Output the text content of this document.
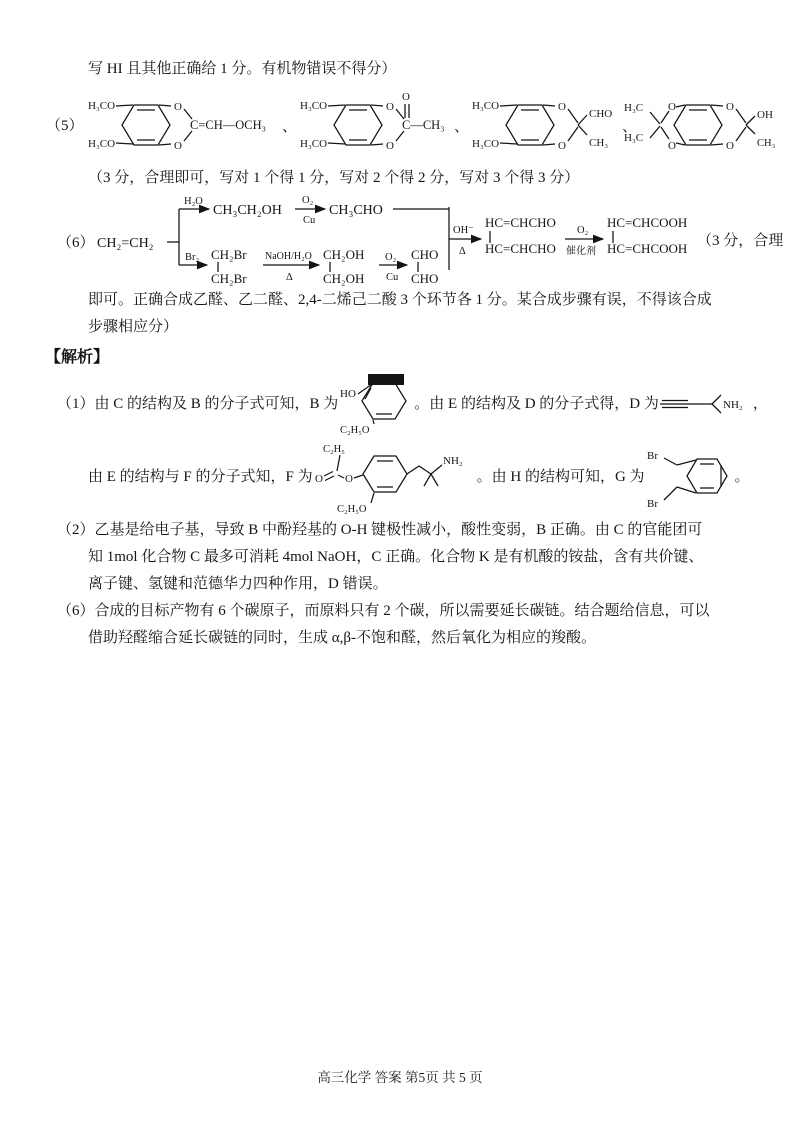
写 HI 且其他正确给 1 分。有机物错误不得分）
（5）
H₃CO
H₃CO
O
O
C=CH—OCH₃ 、
H₃CO
H₃CO
O
O
O
C—CH₃ 、
H₃CO
H₃CO
O
O
CHO
CH₃
、
H₃C
H₃C
O
O
O
O
OH
CH₃
（3 分，合理即可，写对 1 个得 1 分，写对 2 个得 2 分，写对 3 个得 3 分）
（6） CH₂=CH₂
H₂O
CH₃CH₂OH
O₂
Cu
CH₃CHO
Br₂ CH₂Br
CH₂Br
NaOH/H₂O
Δ
CH₂OH
CH₂OH
O₂
Cu
CHO
CHO
OH⁻
Δ
HC=CHCHO
HC=CHCHO
O₂
催化剂
HC=CHCOOH
HC=CHCOOH （3 分，合理
即可。正确合成乙醛、乙二醛、2,4-二烯己二酸 3 个环节各 1 分。某合成步骤有误，不得该合成
步骤相应分）
【解析】
（1）由 C 的结构及 B 的分子式可知，B 为
HO
C₂H₅O
。由 E 的结构及 D 的分子式得，D 为	NH₂ ，
由 E 的结构与 F 的分子式知，F 为
C₂H₅
O O
C₂H₅O
NH₂
。由 H 的结构可知，G 为
Br
Br
。
（2）乙基是给电子基，导致 B 中酚羟基的 O-H 键极性减小，酸性变弱，B 正确。由 C 的官能团可
知 1mol 化合物 C 最多可消耗 4mol NaOH，C 正确。化合物 K 是有机酸的铵盐，含有共价键、
离子键、氢键和范德华力四种作用，D 错误。
（6）合成的目标产物有 6 个碳原子，而原料只有 2 个碳，所以需要延长碳链。结合题给信息，可以
借助羟醛缩合延长碳链的同时，生成 α,β-不饱和醛，然后氧化为相应的羧酸。
高三化学 答案 第5页 共 5 页
